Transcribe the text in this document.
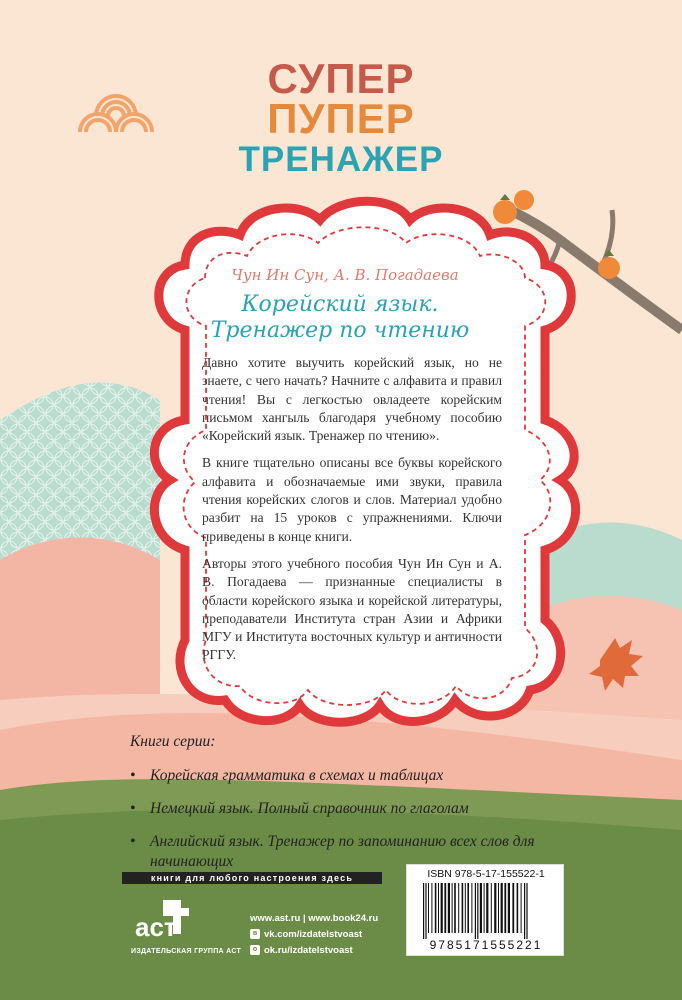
СУПЕР
ПУПЕР
ТРЕНАЖЕР
Чун Ин Сун, А. В. Погадаева
Корейский язык.
Тренажер по чтению

Давно хотите выучить корейский язык, но не знаете, с чего начать? Начните с алфавита и правил чтения! Вы с легкостью овладеете корейским письмом хангыль благодаря учебному пособию «Корейский язык. Тренажер по чтению».

В книге тщательно описаны все буквы корейского алфавита и обозначаемые ими звуки, правила чтения корейских слогов и слов. Материал удобно разбит на 15 уроков с упражнениями. Ключи приведены в конце книги.

Авторы этого учебного пособия Чун Ин Сун и А. В. Погадаева — признанные специалисты в области корейского языка и корейской литературы, преподаватели Института стран Азии и Африки МГУ и Института восточных культур и античности РГГУ.

Книги серии:
• Корейская грамматика в схемах и таблицах
• Немецкий язык. Полный справочник по глаголам
• Английский язык. Тренажер по запоминанию всех слов для начинающих
книги для любого настроения здесь
аст
ИЗДАТЕЛЬСКАЯ ГРУППА АСТ
www.ast.ru | www.book24.ru
в vk.com/izdatelstvoast
о ok.ru/izdatelstvoast
ISBN 978-5-17-155522-1
9785171555221
